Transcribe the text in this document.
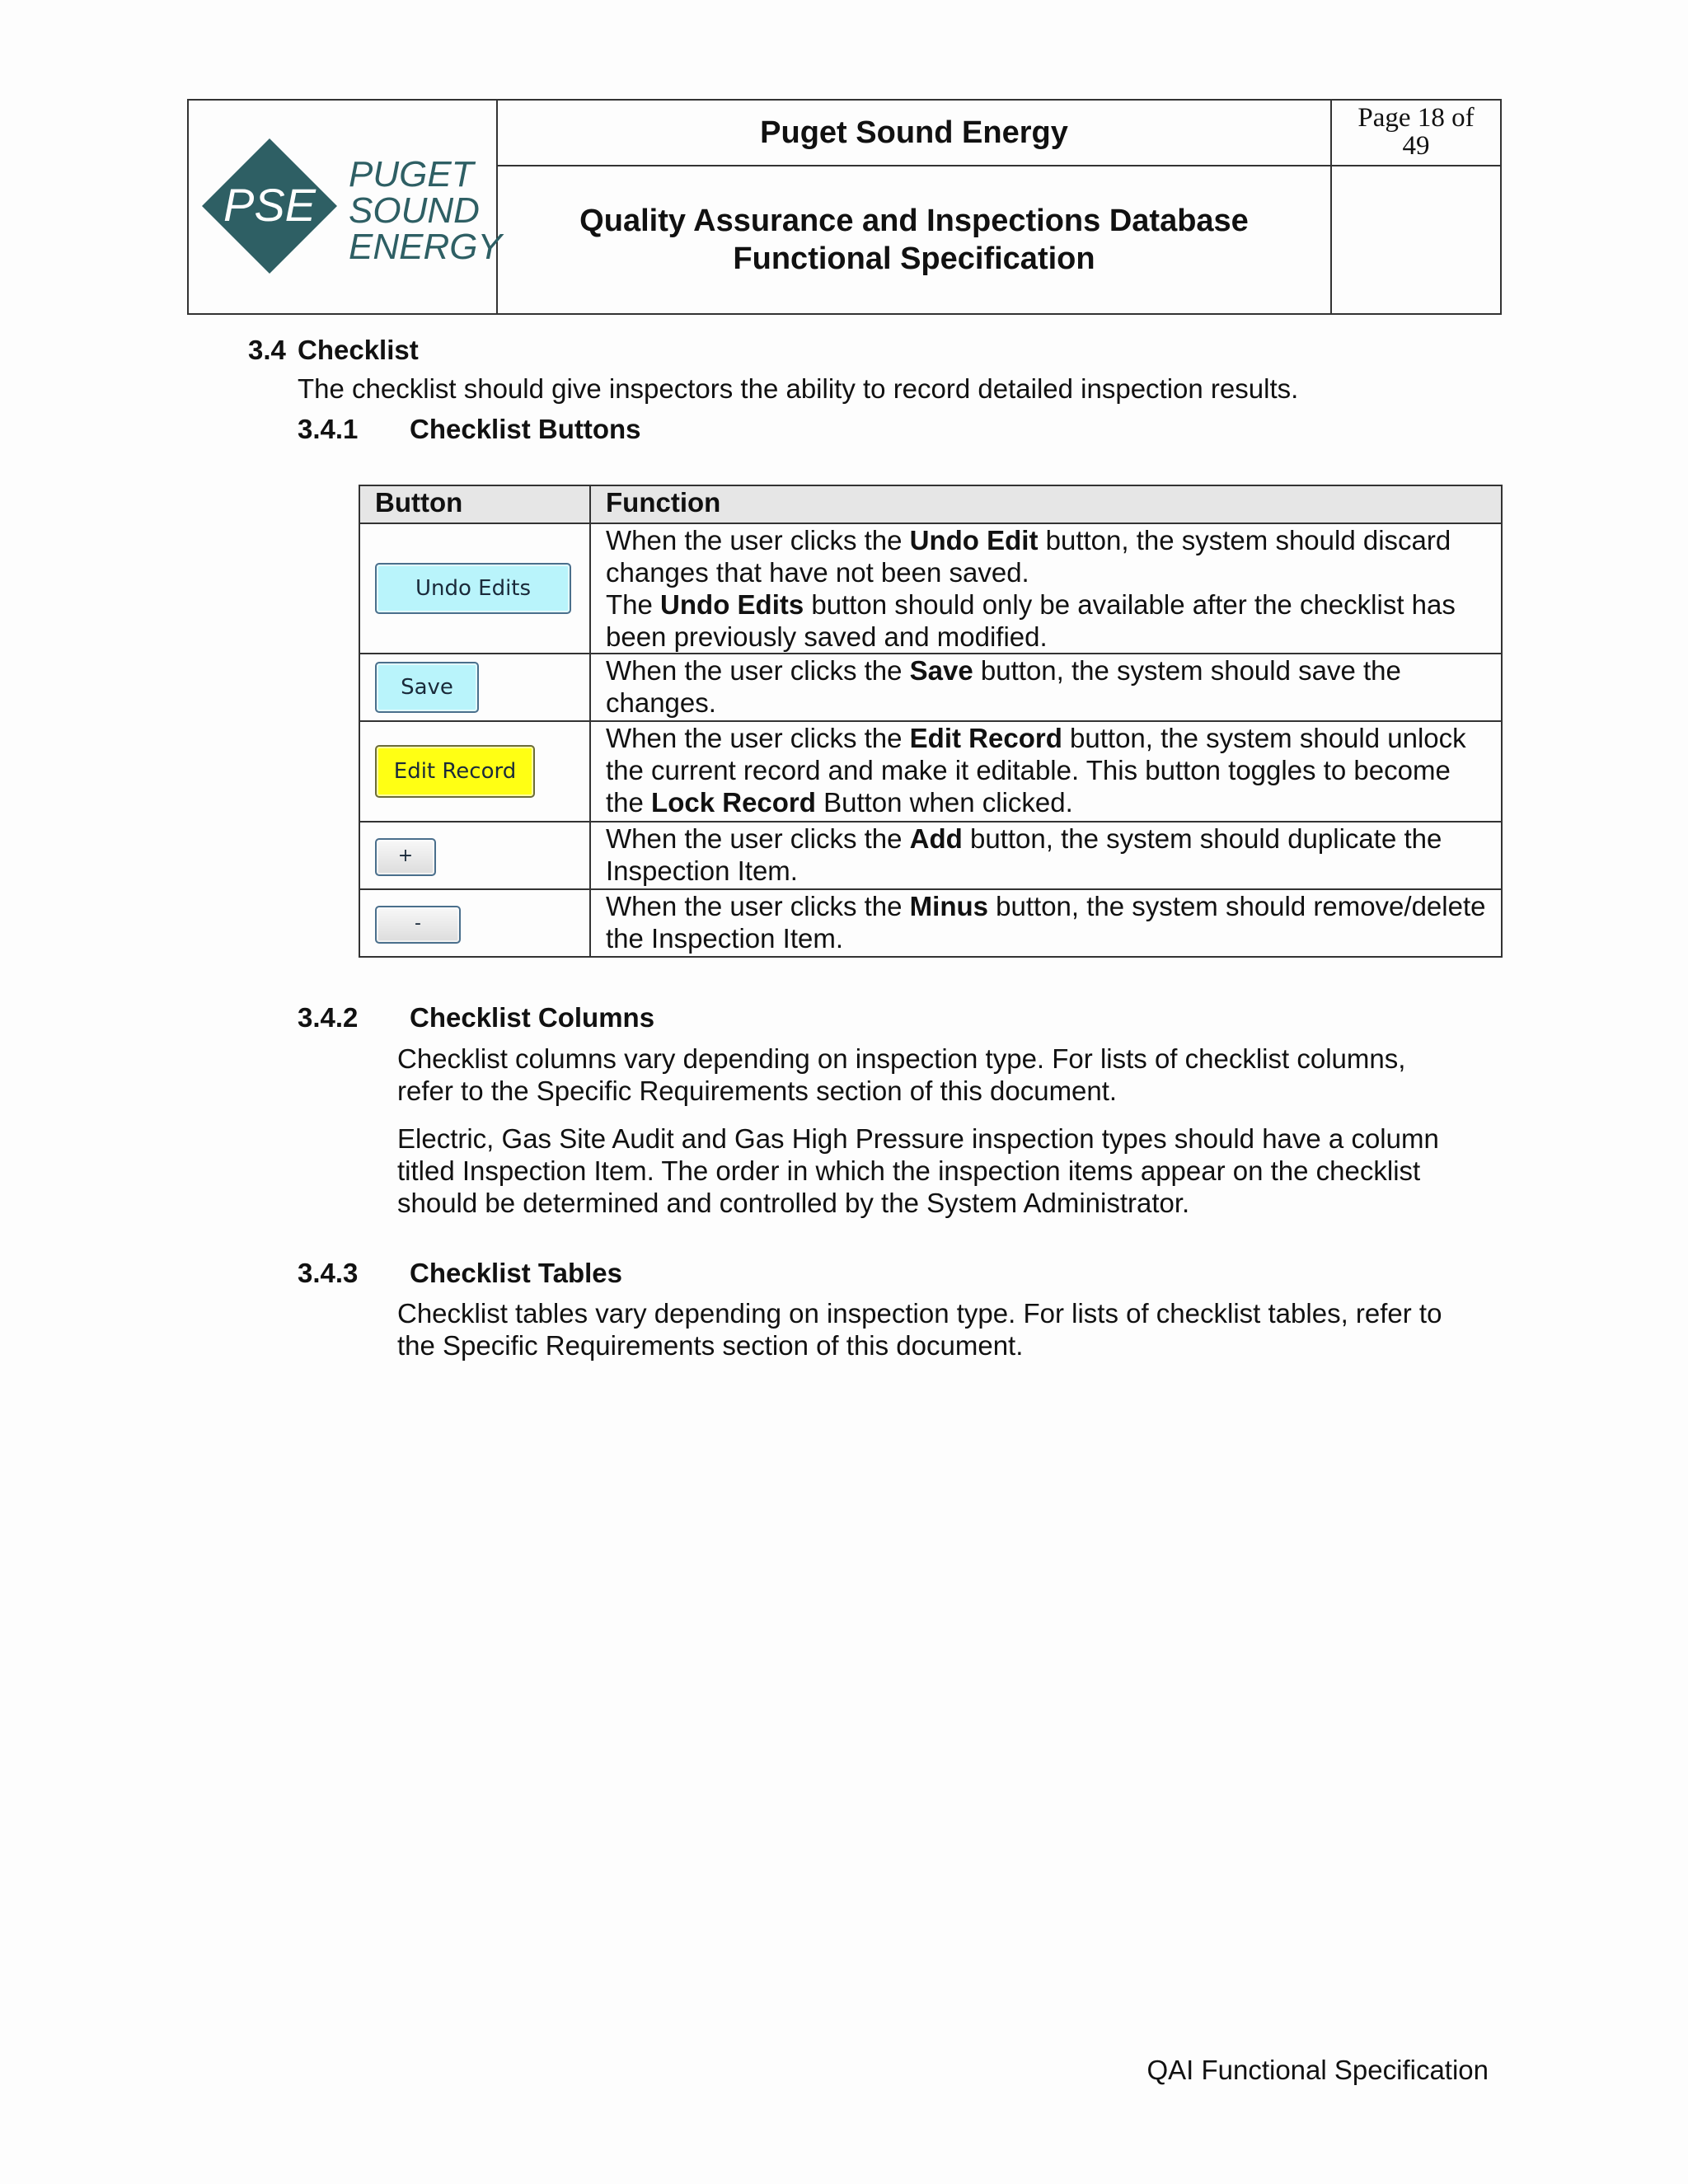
PSE
PUGET
SOUND
ENERGY
Puget Sound Energy
Quality Assurance and Inspections Database
Functional Specification
Page 18 of
49
3.4 Checklist
The checklist should give inspectors the ability to record detailed inspection results.
3.4.1 Checklist Buttons
Button	Function
Undo Edits	When the user clicks the Undo Edit button, the system should discard changes that have not been saved.
The Undo Edits button should only be available after the checklist has been previously saved and modified.

Save	When the user clicks the Save button, the system should save the changes.

Edit Record	When the user clicks the Edit Record button, the system should unlock the current record and make it editable. This button toggles to become the Lock Record Button when clicked.

+	When the user clicks the Add button, the system should duplicate the Inspection Item.

-	When the user clicks the Minus button, the system should remove/delete the Inspection Item.
3.4.2 Checklist Columns
Checklist columns vary depending on inspection type. For lists of checklist columns,
refer to the Specific Requirements section of this document.
Electric, Gas Site Audit and Gas High Pressure inspection types should have a column
titled Inspection Item. The order in which the inspection items appear on the checklist
should be determined and controlled by the System Administrator.
3.4.3 Checklist Tables
Checklist tables vary depending on inspection type. For lists of checklist tables, refer to
the Specific Requirements section of this document.
QAI Functional Specification
